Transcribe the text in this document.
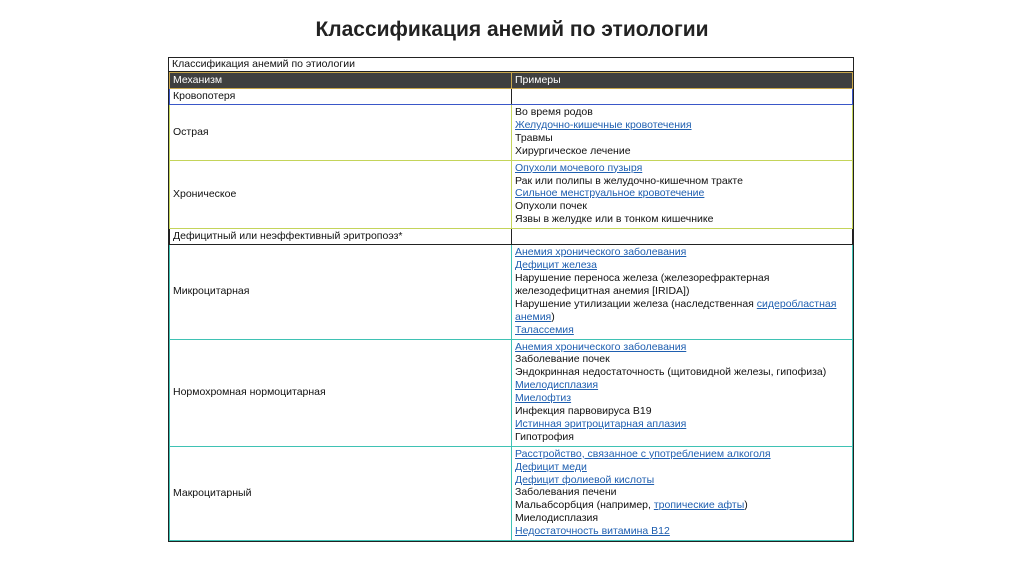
Классификация анемий по этиологии
Классификация анемий по этиологии
Механизм	Примеры
Кровопотеря
Острая
Во время родов
Желудочно-кишечные кровотечения
Травмы
Хирургическое лечение
Хроническое
Опухоли мочевого пузыря
Рак или полипы в желудочно-кишечном тракте
Сильное менструальное кровотечение
Опухоли почек
Язвы в желудке или в тонком кишечнике
Дефицитный или неэффективный эритропоэз*
Микроцитарная
Анемия хронического заболевания
Дефицит железа
Нарушение переноса железа (железорефрактерная
железодефицитная анемия [IRIDA])
Нарушение утилизации железа (наследственная сидеробластная
анемия)
Талассемия
Нормохромная нормоцитарная
Анемия хронического заболевания
Заболевание почек
Эндокринная недостаточность (щитовидной железы, гипофиза)
Миелодисплазия
Миелофтиз
Инфекция парвовируса B19
Истинная эритроцитарная аплазия
Гипотрофия
Макроцитарный
Расстройство, связанное с употреблением алкоголя
Дефицит меди
Дефицит фолиевой кислоты
Заболевания печени
Мальабсорбция (например, тропические афты)
Миелодисплазия
Недостаточность витамина B12
